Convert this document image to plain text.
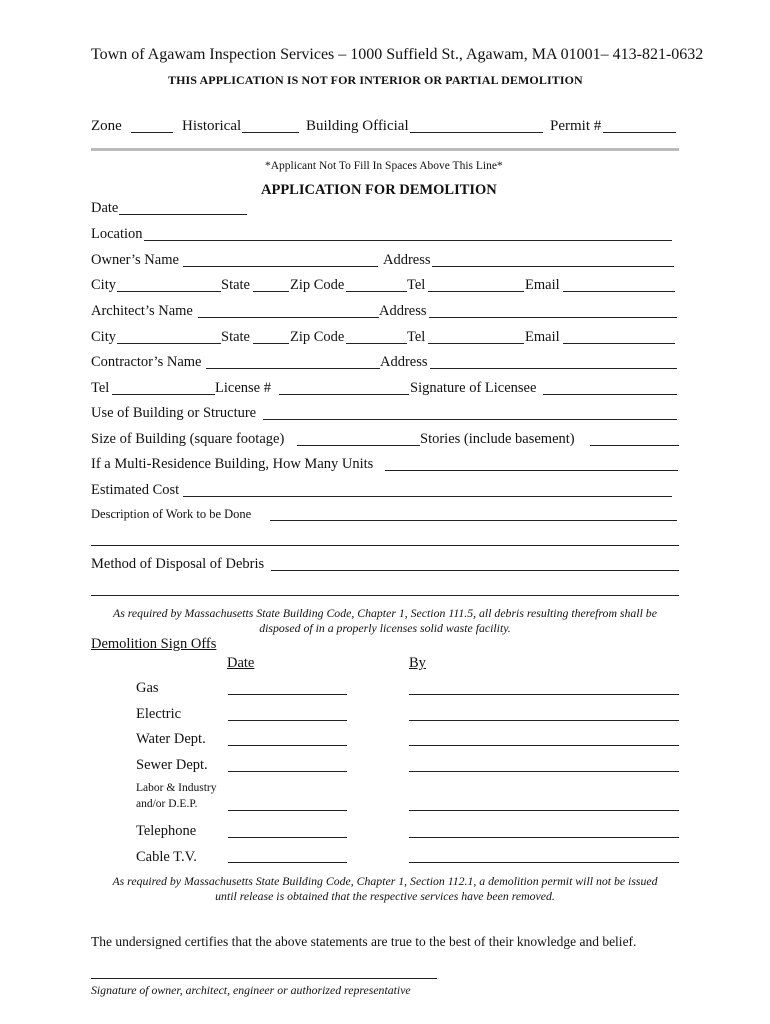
Town of Agawam Inspection Services – 1000 Suffield St., Agawam, MA 01001– 413-821-0632
THIS APPLICATION IS NOT FOR INTERIOR OR PARTIAL DEMOLITION
Zone	Historical	Building Official	Permit #
*Applicant Not To Fill In Spaces Above This Line*
APPLICATION FOR DEMOLITION
Date
Location
Owner’s Name	Address
City	State	Zip Code	Tel	Email
Architect’s Name	Address
City	State	Zip Code	Tel	Email
Contractor’s Name	Address
Tel	License #	Signature of Licensee
Use of Building or Structure
Size of Building (square footage)	Stories (include basement)
If a Multi-Residence Building, How Many Units
Estimated Cost
Description of Work to be Done
Method of Disposal of Debris
As required by Massachusetts State Building Code, Chapter 1, Section 111.5, all debris resulting therefrom shall be
disposed of in a properly licenses solid waste facility.
Demolition Sign Offs
Date	By
Gas
Electric
Water Dept.
Sewer Dept.
Labor & Industry
and/or D.E.P.
Telephone
Cable T.V.
As required by Massachusetts State Building Code, Chapter 1, Section 112.1, a demolition permit will not be issued
until release is obtained that the respective services have been removed.
The undersigned certifies that the above statements are true to the best of their knowledge and belief.
Signature of owner, architect, engineer or authorized representative
